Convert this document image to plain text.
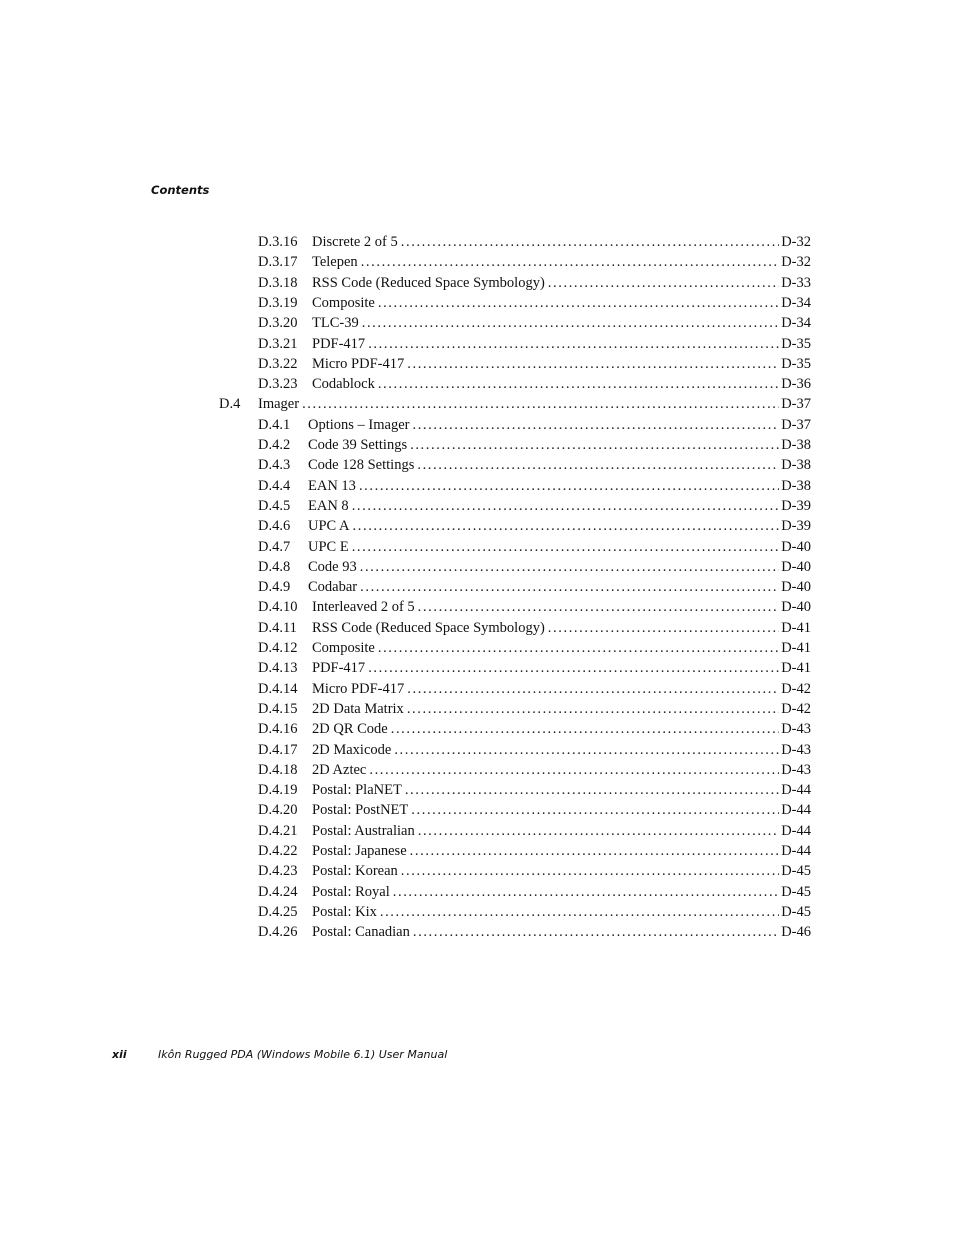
Contents
D.3.16	Discrete 2 of 5 .....	D-32
D.3.17	Telepen .....	D-32
D.3.18	RSS Code (Reduced Space Symbology) .....	D-33
D.3.19	Composite .....	D-34
D.3.20	TLC-39 .....	D-34
D.3.21	PDF-417 .....	D-35
D.3.22	Micro PDF-417 .....	D-35
D.3.23	Codablock .....	D-36
D.4	Imager .....	D-37
D.4.1	Options – Imager .....	D-37
D.4.2	Code 39 Settings .....	D-38
D.4.3	Code 128 Settings .....	D-38
D.4.4	EAN 13 .....	D-38
D.4.5	EAN 8 .....	D-39
D.4.6	UPC A .....	D-39
D.4.7	UPC E .....	D-40
D.4.8	Code 93 .....	D-40
D.4.9	Codabar .....	D-40
D.4.10	Interleaved 2 of 5 .....	D-40
D.4.11	RSS Code (Reduced Space Symbology) .....	D-41
D.4.12	Composite .....	D-41
D.4.13	PDF-417 .....	D-41
D.4.14	Micro PDF-417 .....	D-42
D.4.15	2D Data Matrix .....	D-42
D.4.16	2D QR Code .....	D-43
D.4.17	2D Maxicode .....	D-43
D.4.18	2D Aztec .....	D-43
D.4.19	Postal: PlaNET .....	D-44
D.4.20	Postal: PostNET .....	D-44
D.4.21	Postal: Australian .....	D-44
D.4.22	Postal: Japanese .....	D-44
D.4.23	Postal: Korean .....	D-45
D.4.24	Postal: Royal .....	D-45
D.4.25	Postal: Kix .....	D-45
D.4.26	Postal: Canadian .....	D-46
xii	Ikôn Rugged PDA (Windows Mobile 6.1) User Manual
